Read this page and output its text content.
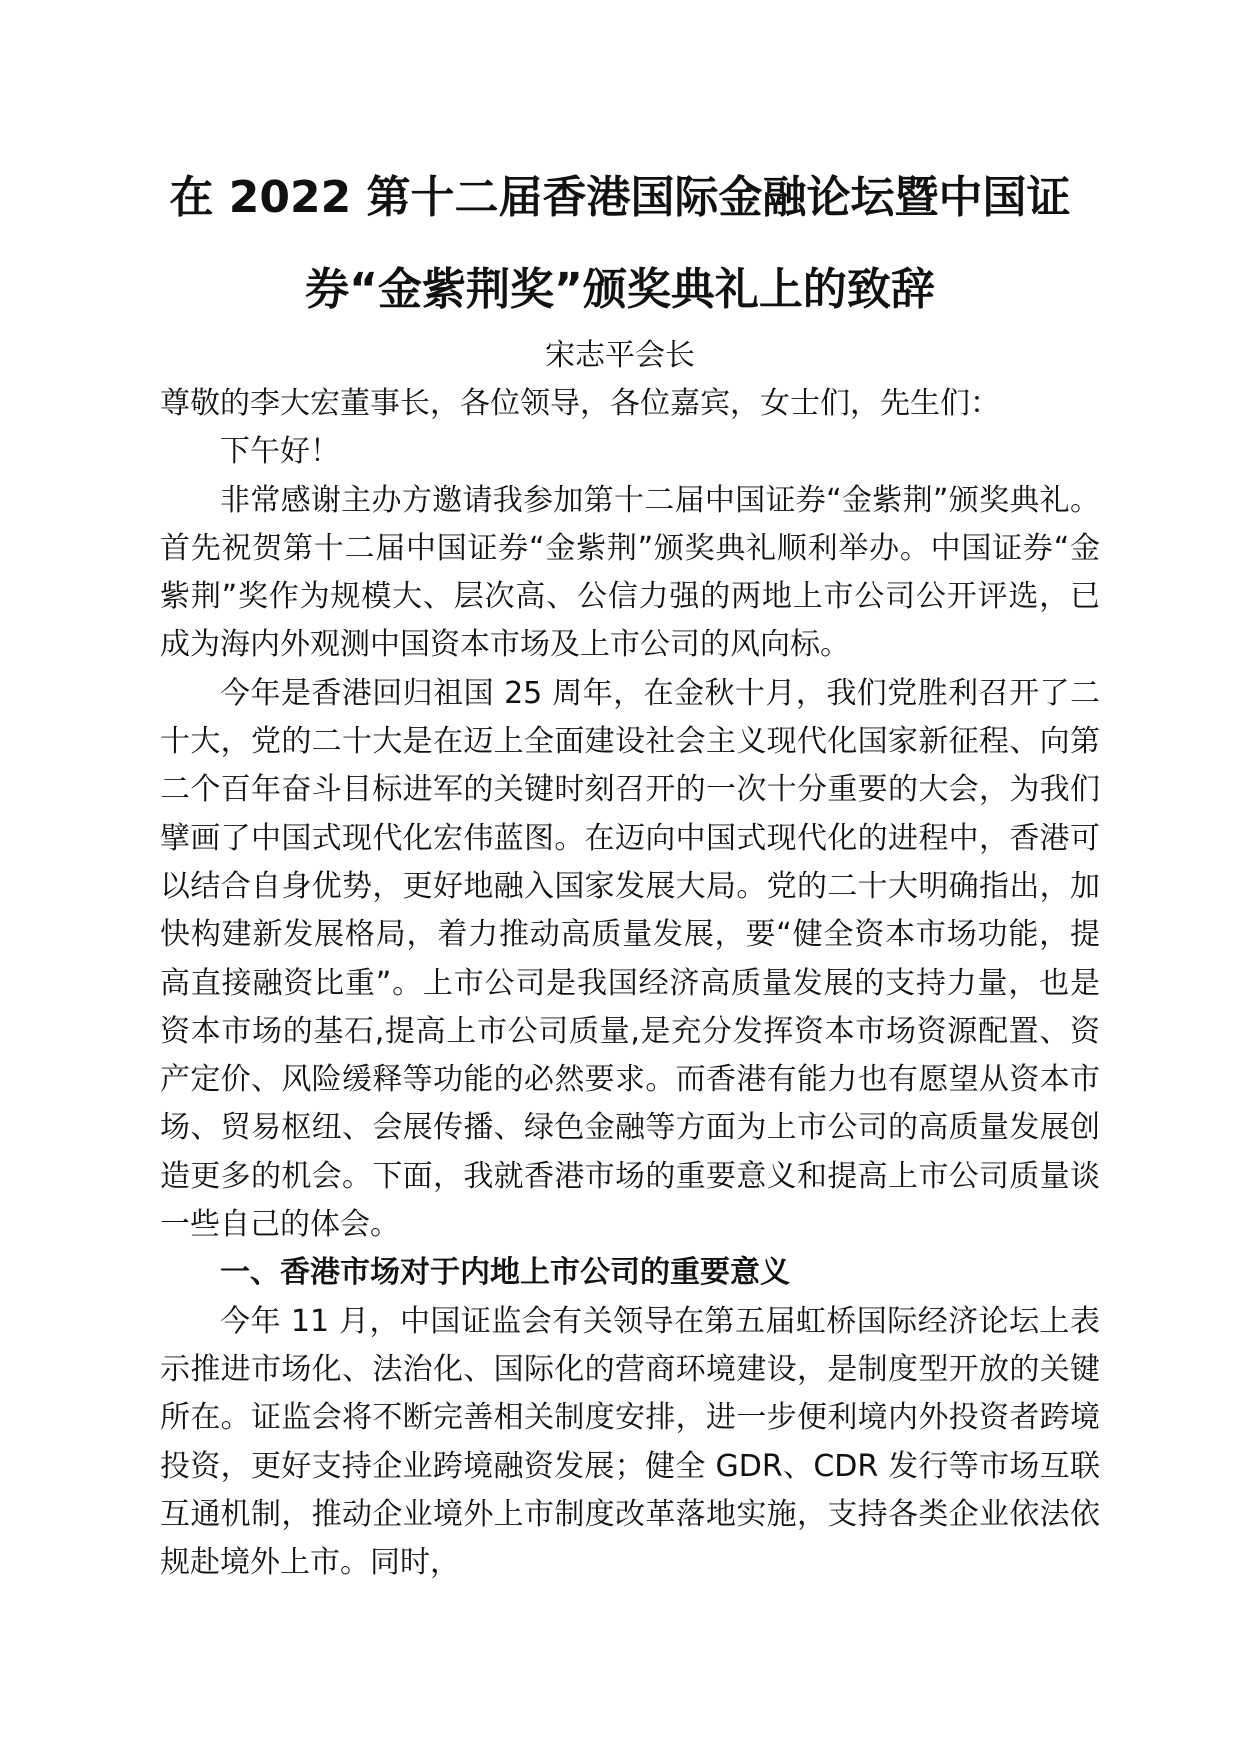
在 2022 第十二届香港国际金融论坛暨中国证
券“金紫荆奖”颁奖典礼上的致辞
宋志平会长

尊敬的李大宏董事长，各位领导，各位嘉宾，女士们，先生们：

下午好！

非常感谢主办方邀请我参加第十二届中国证券“金紫荆”颁奖典礼。首先祝贺第十二届中国证券“金紫荆”颁奖典礼顺利举办。中国证券“金紫荆”奖作为规模大、层次高、公信力强的两地上市公司公开评选，已成为海内外观测中国资本市场及上市公司的风向标。

今年是香港回归祖国 25 周年，在金秋十月，我们党胜利召开了二十大，党的二十大是在迈上全面建设社会主义现代化国家新征程、向第二个百年奋斗目标进军的关键时刻召开的一次十分重要的大会，为我们擘画了中国式现代化宏伟蓝图。在迈向中国式现代化的进程中，香港可以结合自身优势，更好地融入国家发展大局。党的二十大明确指出，加快构建新发展格局，着力推动高质量发展，要“健全资本市场功能，提高直接融资比重”。上市公司是我国经济高质量发展的支持力量，也是资本市场的基石,提高上市公司质量,是充分发挥资本市场资源配置、资产定价、风险缓释等功能的必然要求。而香港有能力也有愿望从资本市场、贸易枢纽、会展传播、绿色金融等方面为上市公司的高质量发展创造更多的机会。下面，我就香港市场的重要意义和提高上市公司质量谈一些自己的体会。

一、香港市场对于内地上市公司的重要意义

今年 11 月，中国证监会有关领导在第五届虹桥国际经济论坛上表示推进市场化、法治化、国际化的营商环境建设，是制度型开放的关键所在。证监会将不断完善相关制度安排，进一步便利境内外投资者跨境投资，更好支持企业跨境融资发展；健全 GDR、CDR 发行等市场互联互通机制，推动企业境外上市制度改革落地实施，支持各类企业依法依规赴境外上市。同时，
